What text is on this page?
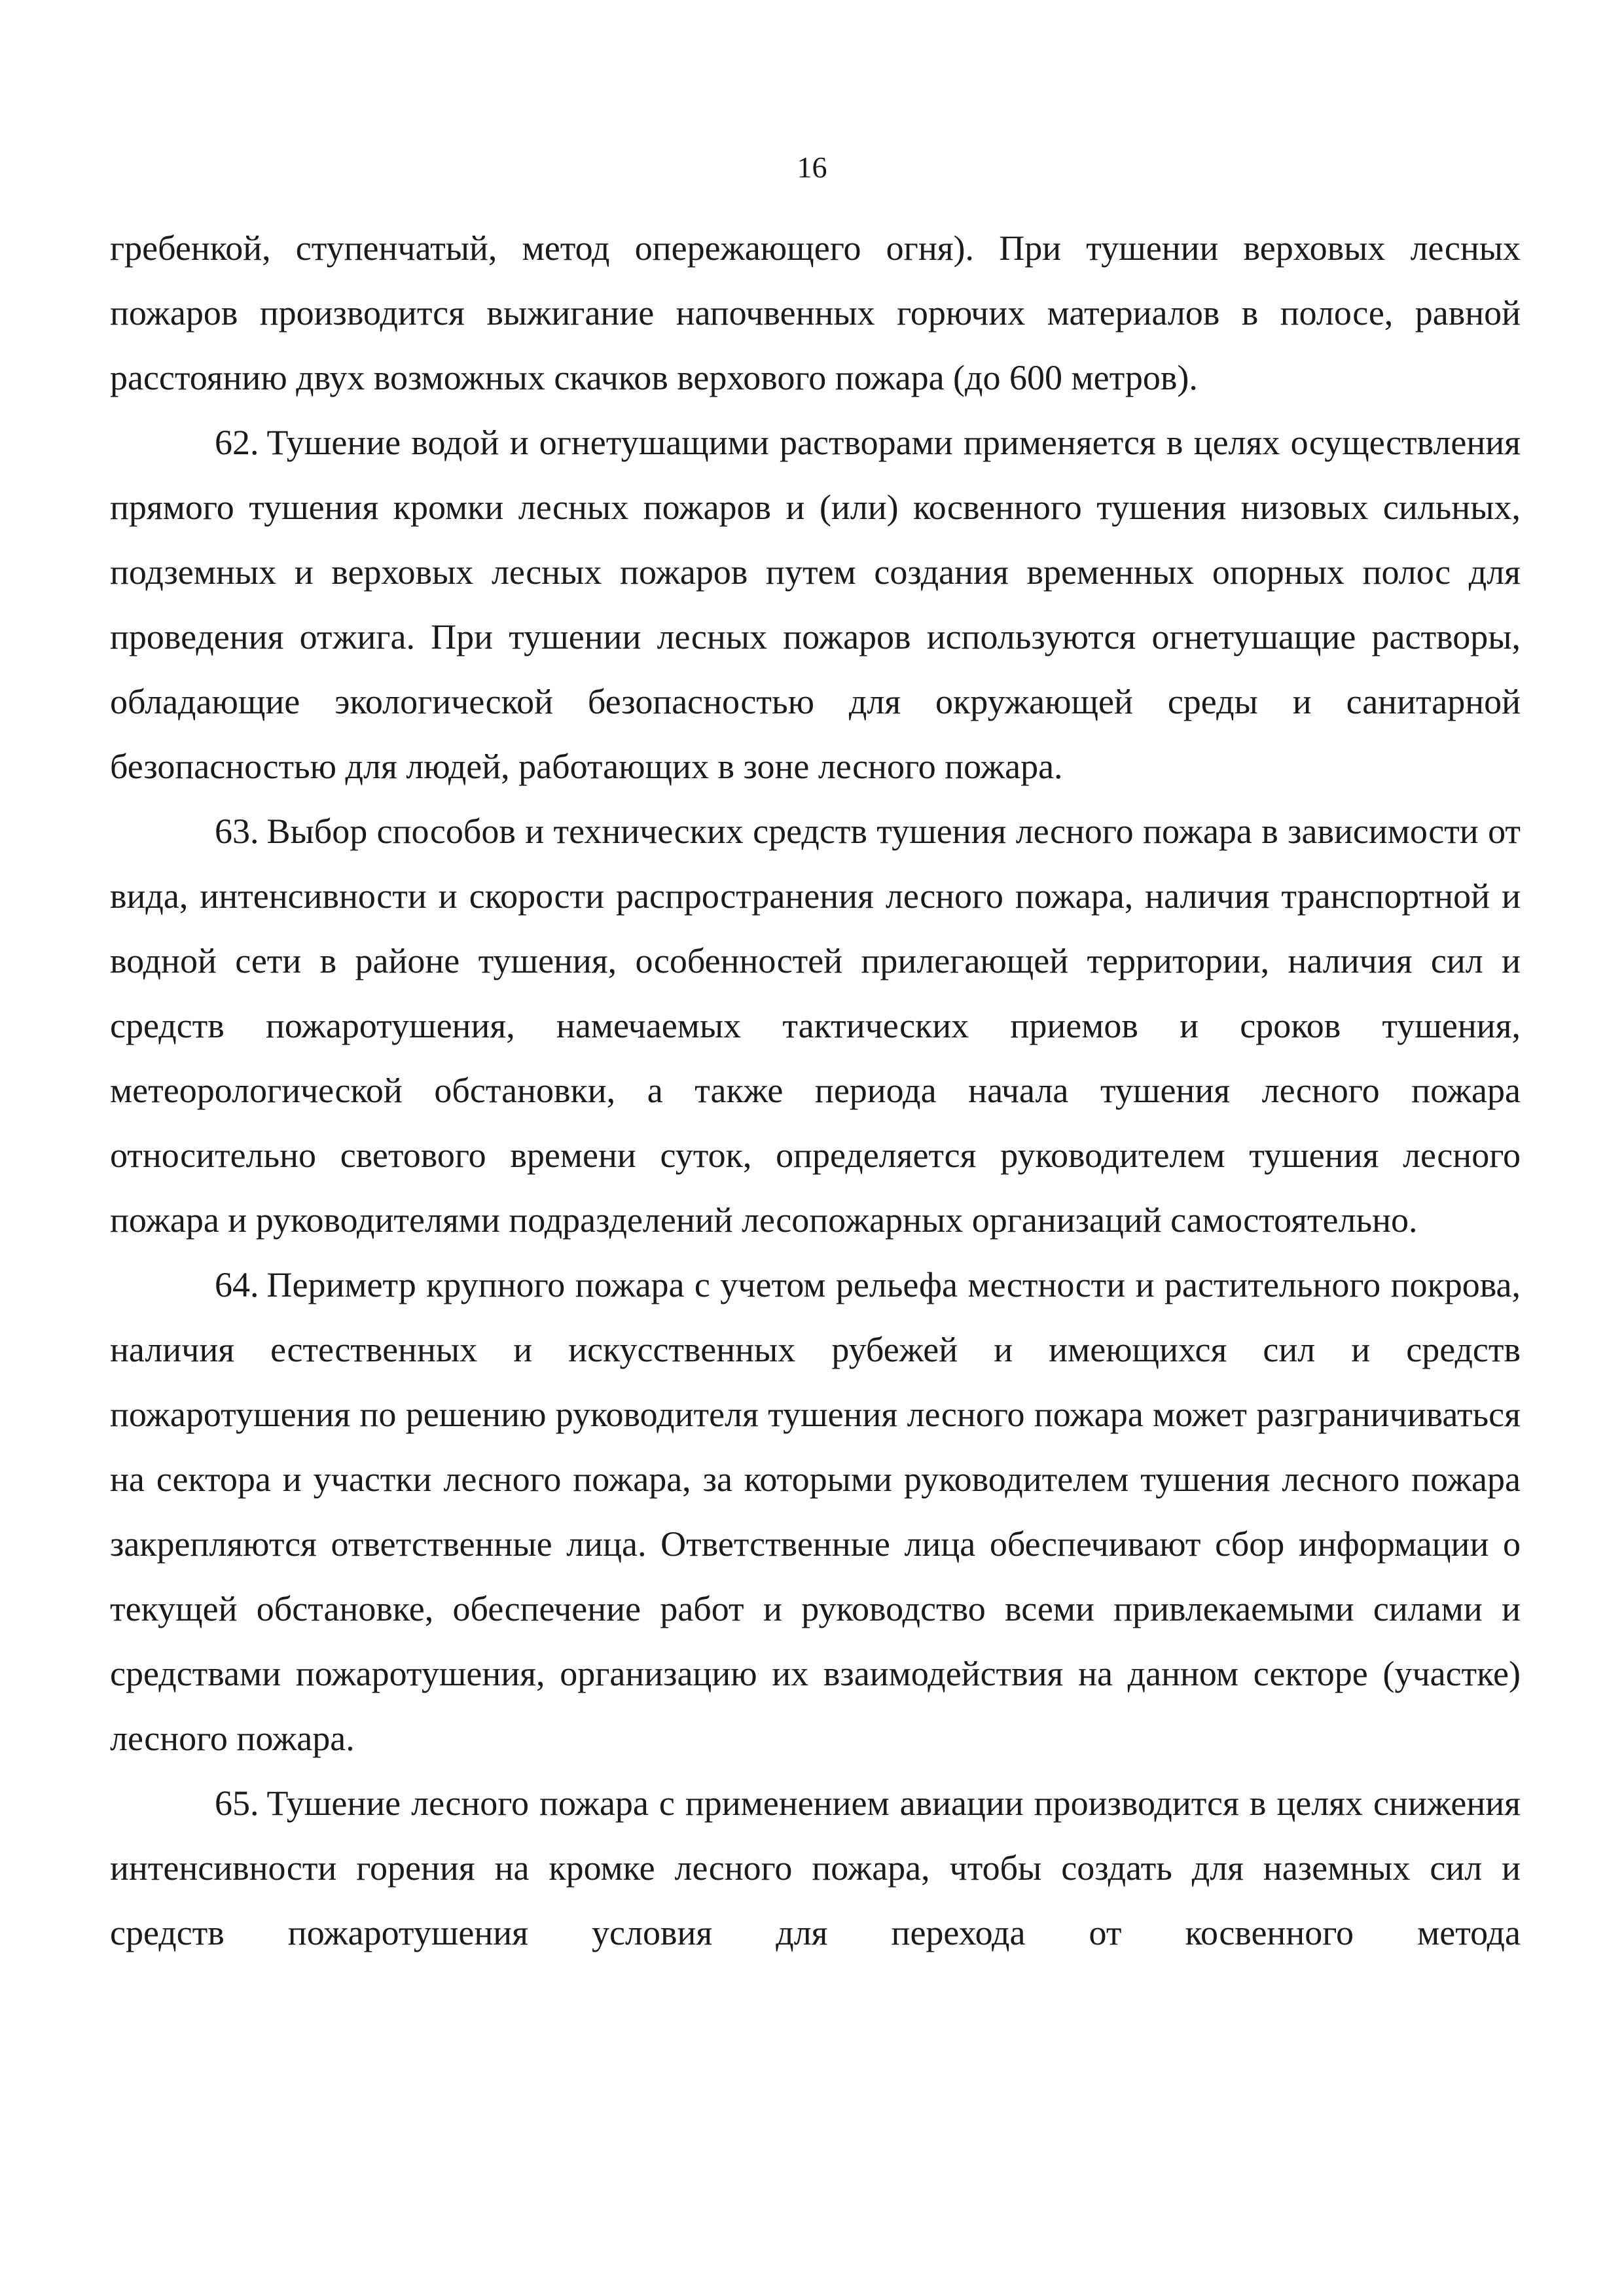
16

гребенкой, ступенчатый, метод опережающего огня). При тушении верховых лесных пожаров производится выжигание напочвенных горючих материалов в полосе, равной расстоянию двух возможных скачков верхового пожара (до 600 метров).

62. Тушение водой и огнетушащими растворами применяется в целях осуществления прямого тушения кромки лесных пожаров и (или) косвенного тушения низовых сильных, подземных и верховых лесных пожаров путем создания временных опорных полос для проведения отжига. При тушении лесных пожаров используются огнетушащие растворы, обладающие экологической безопасностью для окружающей среды и санитарной безопасностью для людей, работающих в зоне лесного пожара.

63. Выбор способов и технических средств тушения лесного пожара в зависимости от вида, интенсивности и скорости распространения лесного пожара, наличия транспортной и водной сети в районе тушения, особенностей прилегающей территории, наличия сил и средств пожаротушения, намечаемых тактических приемов и сроков тушения, метеорологической обстановки, а также периода начала тушения лесного пожара относительно светового времени суток, определяется руководителем тушения лесного пожара и руководителями подразделений лесопожарных организаций самостоятельно.

64. Периметр крупного пожара с учетом рельефа местности и растительного покрова, наличия естественных и искусственных рубежей и имеющихся сил и средств пожаротушения по решению руководителя тушения лесного пожара может разграничиваться на сектора и участки лесного пожара, за которыми руководителем тушения лесного пожара закрепляются ответственные лица. Ответственные лица обеспечивают сбор информации о текущей обстановке, обеспечение работ и руководство всеми привлекаемыми силами и средствами пожаротушения, организацию их взаимодействия на данном секторе (участке) лесного пожара.

65. Тушение лесного пожара с применением авиации производится в целях снижения интенсивности горения на кромке лесного пожара, чтобы создать для наземных сил и средств пожаротушения условия для перехода от косвенного метода
